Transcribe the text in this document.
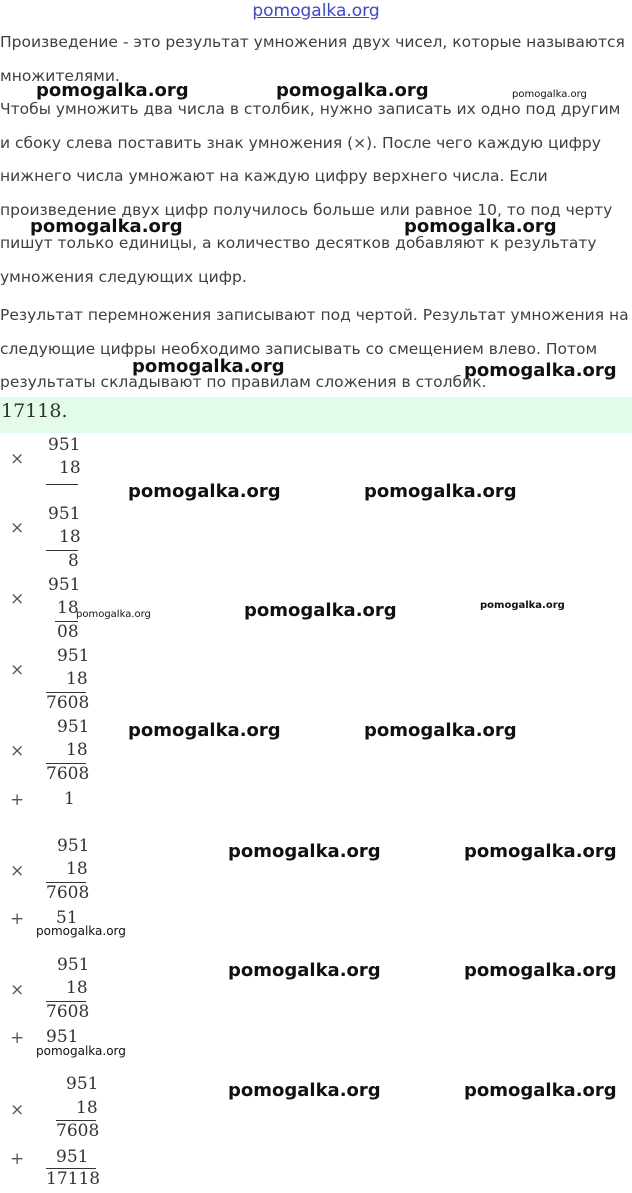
pomogalka.org

Произведение - это результат умножения двух чисел, которые называются множителями.

Чтобы умножить два числа в столбик, нужно записать их одно под другим и сбоку слева поставить знак умножения (×). После чего каждую цифру нижнего числа умножают на каждую цифру верхнего числа. Если произведение двух цифр получилось больше или равное 10, то под черту пишут только единицы, а количество десятков добавляют к результату умножения следующих цифр.

Результат перемножения записывают под чертой. Результат умножения на следующие цифры необходимо записывать со смещением влево. Потом результаты складывают по правилам сложения в столбик.

17118.
951
× 18
951
× 18
8
951
× 18
08
951
× 18
7608
951
× 18
7608
+ 1
951
× 18
7608
+ 51
951
× 18
7608
+ 951
951
×	18
7608
+ 951
17118
pomogalka.org	pomogalka.org	pomogalka.org
pomogalka.org	pomogalka.org
pomogalka.org	pomogalka.org
pomogalka.org	pomogalka.org
pomogalka.org	pomogalka.org	pomogalka.org
pomogalka.org	pomogalka.org
pomogalka.org	pomogalka.org
pomogalka.org
pomogalka.org	pomogalka.org
pomogalka.org
pomogalka.org	pomogalka.org
